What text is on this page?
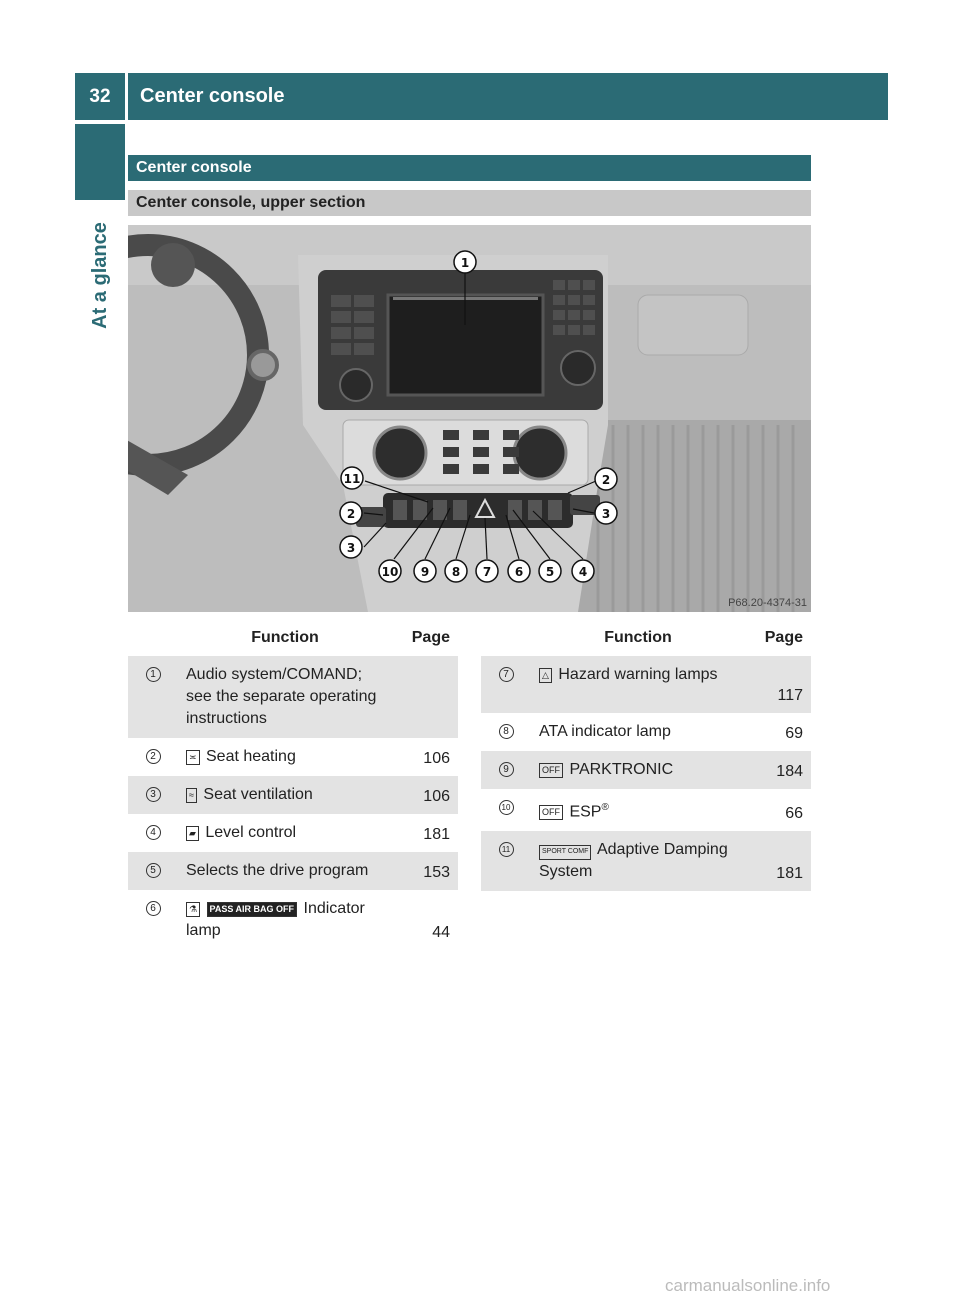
32	Center console
At a glance
Center console
Center console, upper section
1
11	2
2	3
3
10 9 8 7 6 5 4
P68.20-4374-31
	Function	Page
1	Audio system/COMAND; see the separate operating instructions	
2	≍ Seat heating	106
3	≈ Seat ventilation	106
4	▰ Level control	181
5	Selects the drive program	153
6	⚗ PASS AIR BAG OFF Indicator lamp	44
	Function	Page
7	△ Hazard warning lamps	117
8	ATA indicator lamp	69
9	OFF PARKTRONIC	184
10	OFF ESP®	66
11	SPORT COMF Adaptive Damping System	181
carmanualsonline.info
